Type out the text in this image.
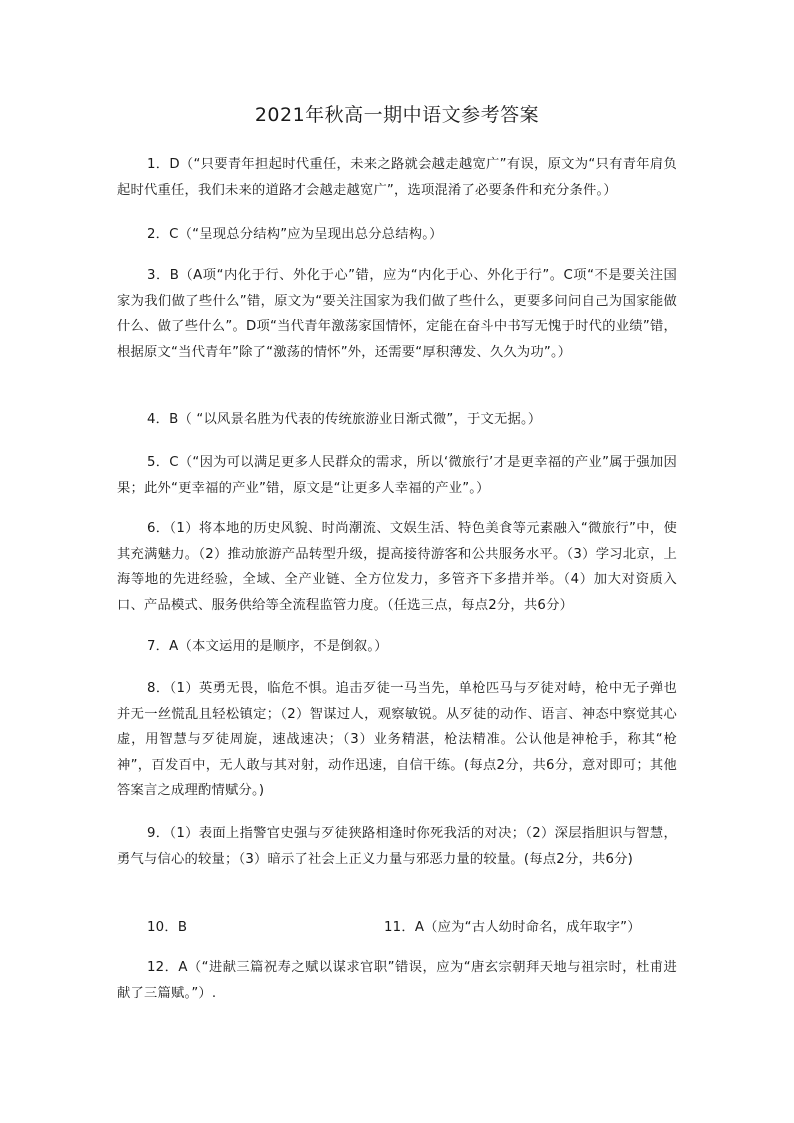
2021年秋高一期中语文参考答案
1．D（“只要青年担起时代重任，未来之路就会越走越宽广”有误，原文为“只有青年肩负起时代重任，我们未来的道路才会越走越宽广”，选项混淆了必要条件和充分条件。）
2．C（“呈现总分结构”应为呈现出总分总结构。）
3．B（A项“内化于行、外化于心”错，应为“内化于心、外化于行”。C项“不是要关注国家为我们做了些什么”错，原文为“要关注国家为我们做了些什么，更要多问问自己为国家能做什么、做了些什么”。D项“当代青年激荡家国情怀，定能在奋斗中书写无愧于时代的业绩”错，根据原文“当代青年”除了“激荡的情怀”外，还需要“厚积薄发、久久为功”。）
4．B（ “以风景名胜为代表的传统旅游业日渐式微”，于文无据。）
5．C（“因为可以满足更多人民群众的需求，所以‘微旅行’才是更幸福的产业”属于强加因果；此外“更幸福的产业”错，原文是“让更多人幸福的产业”。）
6．（1）将本地的历史风貌、时尚潮流、文娱生活、特色美食等元素融入“微旅行”中，使其充满魅力。（2）推动旅游产品转型升级，提高接待游客和公共服务水平。（3）学习北京，上海等地的先进经验，全域、全产业链、全方位发力，多管齐下多措并举。（4）加大对资质入口、产品模式、服务供给等全流程监管力度。（任选三点，每点2分，共6分）
7．A（本文运用的是顺序，不是倒叙。）
8．（1）英勇无畏，临危不惧。追击歹徒一马当先，单枪匹马与歹徒对峙，枪中无子弹也并无一丝慌乱且轻松镇定；（2）智谋过人，观察敏锐。从歹徒的动作、语言、神态中察觉其心虚，用智慧与歹徒周旋，速战速决；（3）业务精湛，枪法精准。公认他是神枪手，称其“枪神”，百发百中，无人敢与其对射，动作迅速，自信干练。(每点2分，共6分，意对即可；其他答案言之成理酌情赋分。)
9．（1）表面上指警官史强与歹徒狭路相逢时你死我活的对决；（2）深层指胆识与智慧，勇气与信心的较量；（3）暗示了社会上正义力量与邪恶力量的较量。(每点2分，共6分)
10．B	11．A（应为“古人幼时命名，成年取字”）
12．A（“进献三篇祝寿之赋以谋求官职”错误，应为“唐玄宗朝拜天地与祖宗时，杜甫进献了三篇赋。”）.
